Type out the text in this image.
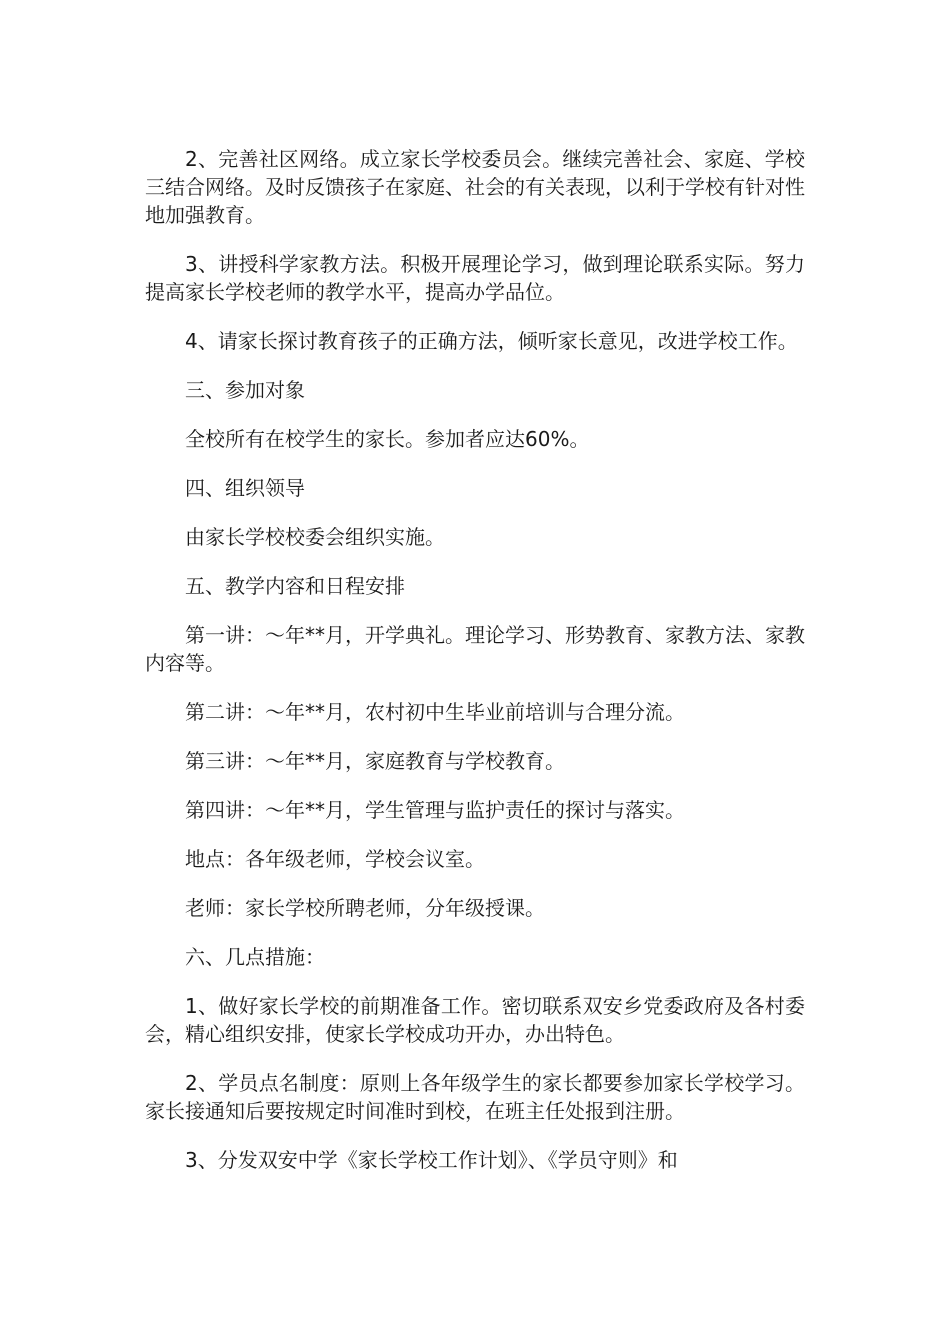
2、完善社区网络。成立家长学校委员会。继续完善社会、家庭、学校三结合网络。及时反馈孩子在家庭、社会的有关表现，以利于学校有针对性地加强教育。

3、讲授科学家教方法。积极开展理论学习，做到理论联系实际。努力提高家长学校老师的教学水平，提高办学品位。

4、请家长探讨教育孩子的正确方法，倾听家长意见，改进学校工作。

三、参加对象

全校所有在校学生的家长。参加者应达60%。

四、组织领导

由家长学校校委会组织实施。

五、教学内容和日程安排

第一讲：～年**月，开学典礼。理论学习、形势教育、家教方法、家教内容等。

第二讲：～年**月，农村初中生毕业前培训与合理分流。

第三讲：～年**月，家庭教育与学校教育。

第四讲：～年**月，学生管理与监护责任的探讨与落实。

地点：各年级老师，学校会议室。

老师：家长学校所聘老师，分年级授课。

六、几点措施：

1、做好家长学校的前期准备工作。密切联系双安乡党委政府及各村委会，精心组织安排，使家长学校成功开办，办出特色。

2、学员点名制度：原则上各年级学生的家长都要参加家长学校学习。家长接通知后要按规定时间准时到校，在班主任处报到注册。

3、分发双安中学《家长学校工作计划》、《学员守则》和
